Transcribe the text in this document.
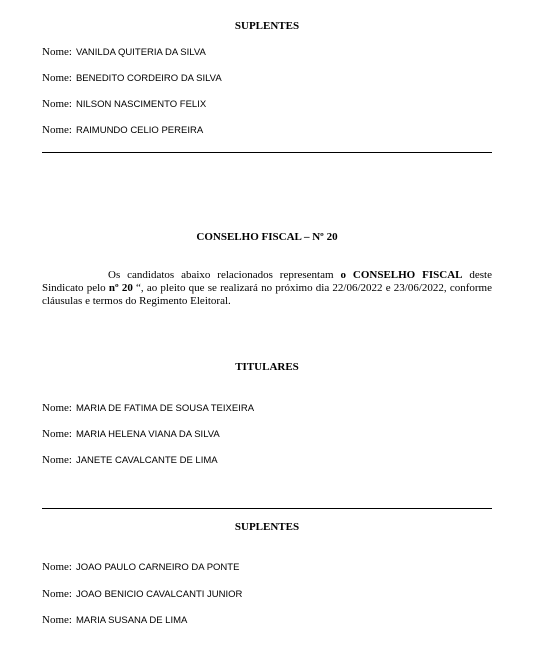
SUPLENTES
Nome: VANILDA QUITERIA DA SILVA
Nome: BENEDITO CORDEIRO DA SILVA
Nome: NILSON NASCIMENTO FELIX
Nome: RAIMUNDO CELIO PEREIRA
CONSELHO FISCAL – Nº 20
Os candidatos abaixo relacionados representam o CONSELHO FISCAL deste Sindicato pelo nº 20 “, ao pleito que se realizará no próximo dia 22/06/2022 e 23/06/2022, conforme cláusulas e termos do Regimento Eleitoral.
TITULARES
Nome: MARIA DE FATIMA DE SOUSA TEIXEIRA
Nome: MARIA HELENA VIANA DA SILVA
Nome: JANETE CAVALCANTE DE LIMA
SUPLENTES
Nome: JOAO PAULO CARNEIRO DA PONTE
Nome: JOAO BENICIO CAVALCANTI JUNIOR
Nome: MARIA SUSANA DE LIMA
